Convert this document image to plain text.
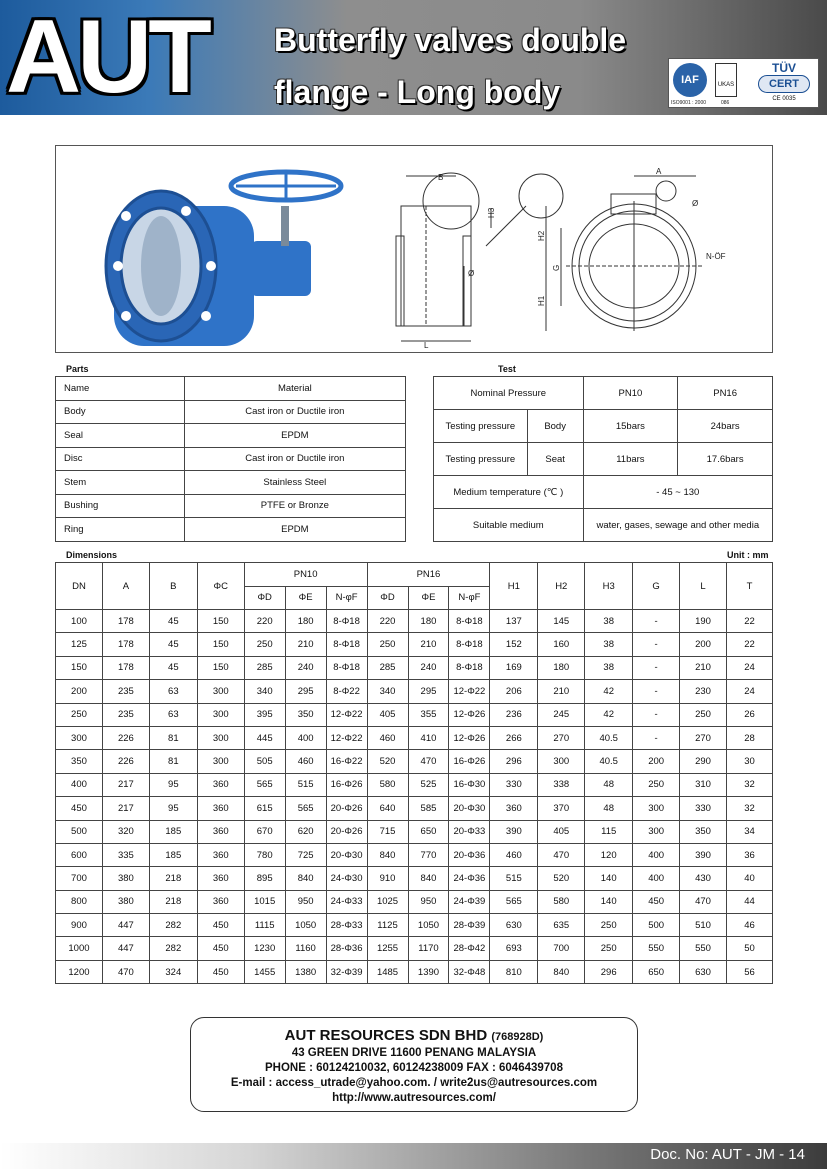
AUT Butterfly valves double
flange - Long body	IAF
ISO9001 : 2000
UKAS
086
TÜV
CERT
CE 0035
B
H3
Ø
L
A
H2
H1
G
N-ÖF
Ø
Parts
Name	Material
Body	Cast iron or Ductile iron
Seal	EPDM
Disc	Cast iron or Ductile iron
Stem	Stainless Steel
Bushing	PTFE or Bronze
Ring	EPDM
Test
Nominal Pressure		PN10	PN16
Testing pressure	Body	15bars	24bars
Testing pressure	Seat	11bars	17.6bars
Medium temperature (℃ )		- 45 ~ 130	
Suitable medium		water, gases, sewage and other media	
Dimensions	Unit : mm
DN	A	B	ΦC	PN10			PN16			H1	H2	H3	G	L	T
				ΦD	ΦE	N-φF	ΦD	ΦE	N-φF						
100	178	45	150	220	180	8-Φ18	220	180	8-Φ18	137	145	38	-	190	22
125	178	45	150	250	210	8-Φ18	250	210	8-Φ18	152	160	38	-	200	22
150	178	45	150	285	240	8-Φ18	285	240	8-Φ18	169	180	38	-	210	24
200	235	63	300	340	295	8-Φ22	340	295	12-Φ22	206	210	42	-	230	24
250	235	63	300	395	350	12-Φ22	405	355	12-Φ26	236	245	42	-	250	26
300	226	81	300	445	400	12-Φ22	460	410	12-Φ26	266	270	40.5	-	270	28
350	226	81	300	505	460	16-Φ22	520	470	16-Φ26	296	300	40.5	200	290	30
400	217	95	360	565	515	16-Φ26	580	525	16-Φ30	330	338	48	250	310	32
450	217	95	360	615	565	20-Φ26	640	585	20-Φ30	360	370	48	300	330	32
500	320	185	360	670	620	20-Φ26	715	650	20-Φ33	390	405	115	300	350	34
600	335	185	360	780	725	20-Φ30	840	770	20-Φ36	460	470	120	400	390	36
700	380	218	360	895	840	24-Φ30	910	840	24-Φ36	515	520	140	400	430	40
800	380	218	360	1015	950	24-Φ33	1025	950	24-Φ39	565	580	140	450	470	44
900	447	282	450	1115	1050	28-Φ33	1125	1050	28-Φ39	630	635	250	500	510	46
1000	447	282	450	1230	1160	28-Φ36	1255	1170	28-Φ42	693	700	250	550	550	50
1200	470	324	450	1455	1380	32-Φ39	1485	1390	32-Φ48	810	840	296	650	630	56
AUT RESOURCES SDN BHD (768928D)
43 GREEN DRIVE 11600 PENANG MALAYSIA
PHONE : 60124210032, 60124238009 FAX : 6046439708
E-mail : access_utrade@yahoo.com. / write2us@autresources.com
http://www.autresources.com/
Doc. No: AUT - JM - 14
